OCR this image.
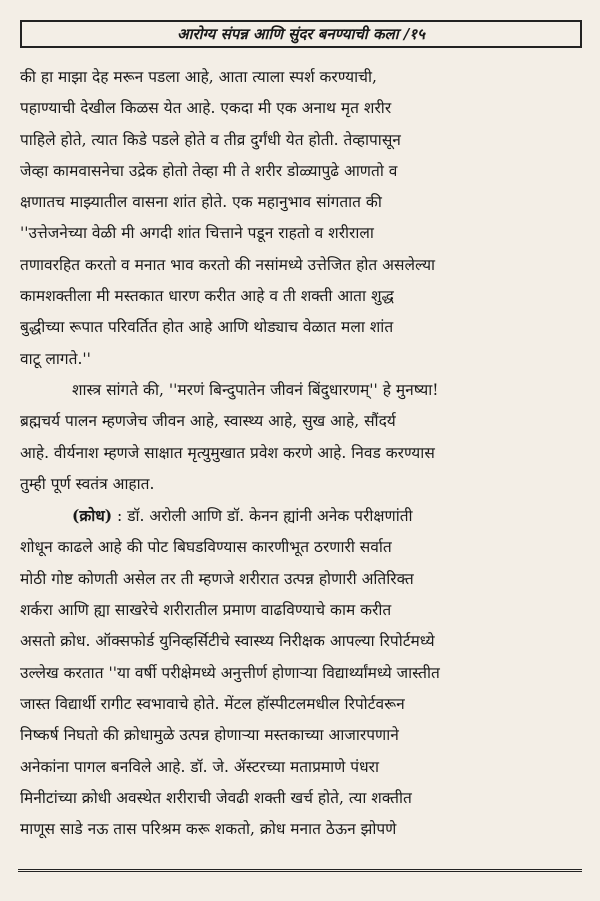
आरोग्य संपन्न आणि सुंदर बनण्याची कला /१५
की हा माझा देह मरून पडला आहे, आता त्याला स्पर्श करण्याची,
पहाण्याची देखील किळस येत आहे. एकदा मी एक अनाथ मृत शरीर
पाहिले होते, त्यात किडे पडले होते व तीव्र दुर्गंधी येत होती. तेव्हापासून
जेव्हा कामवासनेचा उद्रेक होतो तेव्हा मी ते शरीर डोळ्यापुढे आणतो व
क्षणातच माझ्यातील वासना शांत होते. एक महानुभाव सांगतात की
''उत्तेजनेच्या वेळी मी अगदी शांत चित्ताने पडून राहतो व शरीराला
तणावरहित करतो व मनात भाव करतो की नसांमध्ये उत्तेजित होत असलेल्या
कामशक्तीला मी मस्तकात धारण करीत आहे व ती शक्ती आता शुद्ध
बुद्धीच्या रूपात परिवर्तित होत आहे आणि थोड्याच वेळात मला शांत
वाटू लागते.''
शास्त्र सांगते की, ''मरणं बिन्दुपातेन जीवनं बिंदुधारणम्'' हे मुनष्या!
ब्रह्मचर्य पालन म्हणजेच जीवन आहे, स्वास्थ्य आहे, सुख आहे, सौंदर्य
आहे. वीर्यनाश म्हणजे साक्षात मृत्युमुखात प्रवेश करणे आहे. निवड करण्यास
तुम्ही पूर्ण स्वतंत्र आहात.
(क्रोध) : डॉ. अरोली आणि डॉ. केनन ह्यांनी अनेक परीक्षणांती
शोधून काढले आहे की पोट बिघडविण्यास कारणीभूत ठरणारी सर्वात
मोठी गोष्ट कोणती असेल तर ती म्हणजे शरीरात उत्पन्न होणारी अतिरिक्त
शर्करा आणि ह्या साखरेचे शरीरातील प्रमाण वाढविण्याचे काम करीत
असतो क्रोध. ऑक्सफोर्ड युनिव्हर्सिटीचे स्वास्थ्य निरीक्षक आपल्या रिपोर्टमध्ये
उल्लेख करतात ''या वर्षी परीक्षेमध्ये अनुत्तीर्ण होणाऱ्या विद्यार्थ्यांमध्ये जास्तीत
जास्त विद्यार्थी रागीट स्वभावाचे होते. मेंटल हॉस्पीटलमधील रिपोर्टवरून
निष्कर्ष निघतो की क्रोधामुळे उत्पन्न होणाऱ्या मस्तकाच्या आजारपणाने
अनेकांना पागल बनविले आहे. डॉ. जे. ॲस्टरच्या मताप्रमाणे पंधरा
मिनीटांच्या क्रोधी अवस्थेत शरीराची जेवढी शक्ती खर्च होते, त्या शक्तीत
माणूस साडे नऊ तास परिश्रम करू शकतो, क्रोध मनात ठेऊन झोपणे
